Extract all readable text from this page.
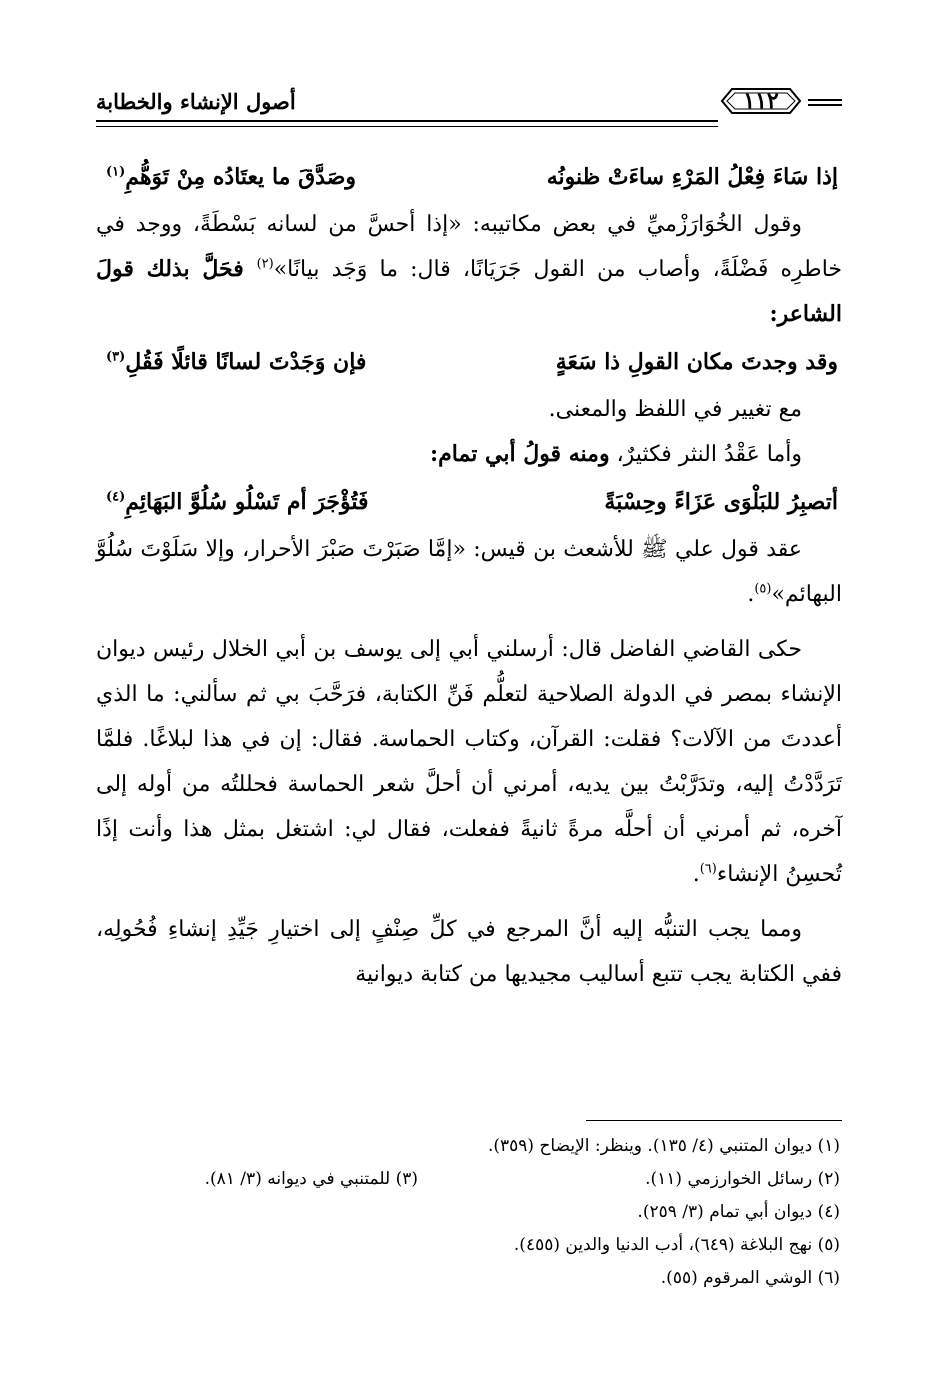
أصول الإنشاء والخطابة	١١٢
إذا سَاءَ فِعْلُ المَرْءِ ساءَتْ ظنونُه
وصَدَّقَ ما يعتَادُه مِنْ تَوَهُّمِ$^{(١)}$

وقول الخُوَارَزْميِّ في بعض مكاتيبه: «إذا أحسَّ من لسانه بَسْطَةً، ووجد في خاطرِه فَضْلَةً، وأصاب من القول جَرَيَانًا، قال: ما وَجَد بيانًا»$^{(٢)}$ فحَلَّ بذلك قولَ الشاعر:

وقد وجدتَ مكان القولِ ذا سَعَةٍ
فإن وَجَدْتَ لسانًا قائلًا فَقُلِ$^{(٣)}$

مع تغيير في اللفظ والمعنى.

وأما عَقْدُ النثر فكثيرٌ، ومنه قولُ أبي تمام:

أتصبِرُ للبَلْوَى عَزَاءً وحِسْبَةً
فَتُؤْجَرَ أم تَسْلُو سُلُوَّ البَهَائِمِ$^{(٤)}$

عقد قول علي ﷺ للأشعث بن قيس: «إمَّا صَبَرْتَ صَبْرَ الأحرار، وإلا سَلَوْتَ سُلُوَّ البهائم»$^{(٥)}$.

حكى القاضي الفاضل قال: أرسلني أبي إلى يوسف بن أبي الخلال رئيس ديوان الإنشاء بمصر في الدولة الصلاحية لتعلُّم فَنِّ الكتابة، فرَحَّبَ بي ثم سألني: ما الذي أعددتَ من الآلات؟ فقلت: القرآن، وكتاب الحماسة. فقال: إن في هذا لبلاغًا. فلمَّا تَرَدَّدْتُ إليه، وتدَرَّبْتُ بين يديه، أمرني أن أحلَّ شعر الحماسة فحللتُه من أوله إلى آخره، ثم أمرني أن أحلَّه مرةً ثانيةً ففعلت، فقال لي: اشتغل بمثل هذا وأنت إذًا تُحسِنُ الإنشاء$^{(٦)}$.

ومما يجب التنبُّه إليه أنَّ المرجع في كلِّ صِنْفٍ إلى اختيارِ جَيِّدِ إنشاءِ فُحُولِه، ففي الكتابة يجب تتبع أساليب مجيديها من كتابة ديوانية

(١) ديوان المتنبي (٤/ ١٣٥). وينظر: الإيضاح (٣٥٩).
(٢) رسائل الخوارزمي (١١).
(٣) للمتنبي في ديوانه (٣/ ٨١).
(٤) ديوان أبي تمام (٣/ ٢٥٩).
(٥) نهج البلاغة (٦٤٩)، أدب الدنيا والدين (٤٥٥).
(٦) الوشي المرقوم (٥٥).
